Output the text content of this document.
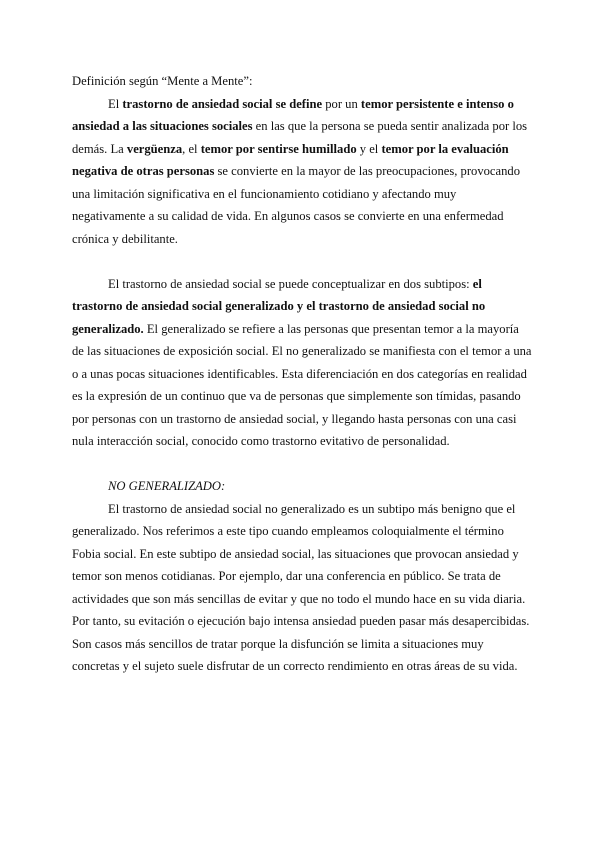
Definición según “Mente a Mente”:

El trastorno de ansiedad social se define por un temor persistente e intenso o ansiedad a las situaciones sociales en las que la persona se pueda sentir analizada por los demás. La vergüenza, el temor por sentirse humillado y el temor por la evaluación negativa de otras personas se convierte en la mayor de las preocupaciones, provocando una limitación significativa en el funcionamiento cotidiano y afectando muy negativamente a su calidad de vida. En algunos casos se convierte en una enfermedad crónica y debilitante.

El trastorno de ansiedad social se puede conceptualizar en dos subtipos: el trastorno de ansiedad social generalizado y el trastorno de ansiedad social no generalizado. El generalizado se refiere a las personas que presentan temor a la mayoría de las situaciones de exposición social. El no generalizado se manifiesta con el temor a una o a unas pocas situaciones identificables. Esta diferenciación en dos categorías en realidad es la expresión de un continuo que va de personas que simplemente son tímidas, pasando por personas con un trastorno de ansiedad social, y llegando hasta personas con una casi nula interacción social, conocido como trastorno evitativo de personalidad.

NO GENERALIZADO:

El trastorno de ansiedad social no generalizado es un subtipo más benigno que el generalizado. Nos referimos a este tipo cuando empleamos coloquialmente el término Fobia social. En este subtipo de ansiedad social, las situaciones que provocan ansiedad y temor son menos cotidianas. Por ejemplo, dar una conferencia en público. Se trata de actividades que son más sencillas de evitar y que no todo el mundo hace en su vida diaria. Por tanto, su evitación o ejecución bajo intensa ansiedad pueden pasar más desapercibidas. Son casos más sencillos de tratar porque la disfunción se limita a situaciones muy concretas y el sujeto suele disfrutar de un correcto rendimiento en otras áreas de su vida.
